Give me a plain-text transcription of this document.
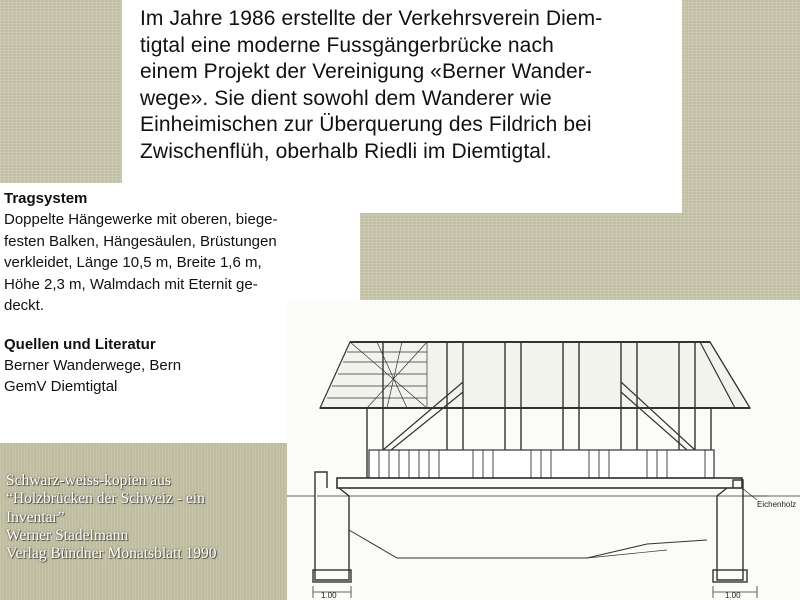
Im Jahre 1986 erstellte der Verkehrsverein Diem-
tigtal eine moderne Fussgängerbrücke nach
einem Projekt der Vereinigung «Berner Wander-
wege». Sie dient sowohl dem Wanderer wie
Einheimischen zur Überquerung des Fildrich bei
Zwischenflüh, oberhalb Riedli im Diemtigtal.
Tragsystem
Doppelte Hängewerke mit oberen, biege-
festen Balken, Hängesäulen, Brüstungen
verkleidet, Länge 10,5 m, Breite 1,6 m,
Höhe 2,3 m, Walmdach mit Eternit ge-
deckt.
Quellen und Literatur
Berner Wanderwege, Bern
GemV Diemtigtal
Schwarz-weiss-kopien aus
“Holzbrücken der Schweiz - ein
Inventar”
Werner Stadelmann
Verlag Bündner Monatsblatt 1990
Eichenholz
1.00	1.00
